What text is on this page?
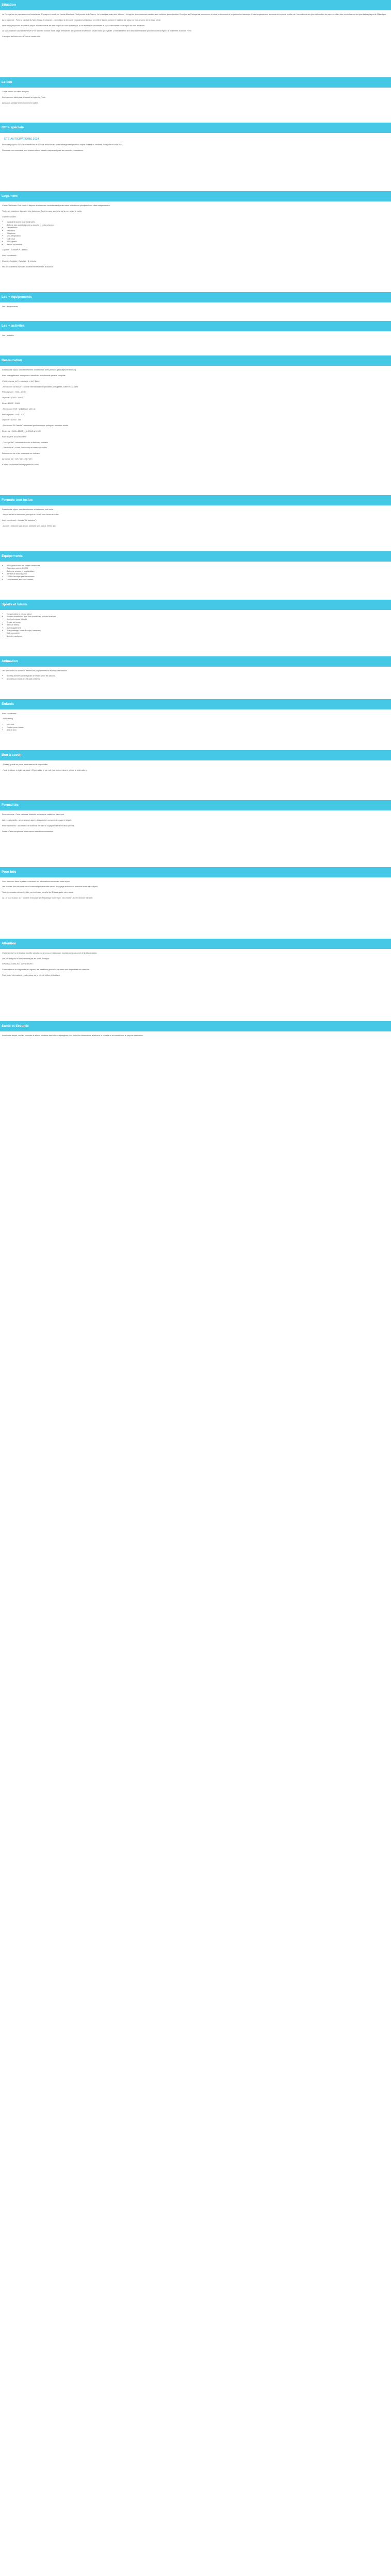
Situation

Le Portugal est un pays européen frontalier de l'Espagne et bordé par l'océan Atlantique. Tout proche de la France, il n'en est pas moins très différent ! Il s'agit de de nombreuses variétés sont cultivées que naturelles. Ce séjour au Portugal est commencer et vivre la découverte d'un patrimoine historique. En échangeant avec des amis de toujours, profiter de l'hospitalité et des plus belles villes du pays, et à faire des merveilles sur des plus belles plages de l'Atlantique.

Au programme : Porto la capitale du Nord, Braga, Guimaraes... Une région à découvrir en plusieurs étapes où se mêlent histoire, culture et tradition. Le séjour se fera au cœur de la Costa Verde.

Nous vous proposons de vivre un séjour à la découverte de cette région du nord du Portugal, à voir et vivre en choisissant le séjour découverte ou le séjour au bord de la mer.

La Maison Beach Club Hotel Resort 4* se situe en bordure d'une plage de sable fin à Esposende et offre une piscine ainsi qu'un jardin. L'hôtel bénéficie d'un emplacement idéal pour découvrir la région : à seulement 45 km de Porto.

L'aéroport de Porto est à 40 km du centre-ville.

Le lieu

Cadre naturel au milieu des pins.

Emplacement idéal pour découvrir la région de Porto.

Ambiance familiale et environnement calme.

Offre spéciale
ETE ANTICIPATIONS 2024

Réservez jusqu'au 31/3/24 et bénéficiez de 10% de réduction sur votre hébergement pour tout séjour du lundi au vendredi (hors juillet et août 2024).

Promotion non cumulable avec d'autres offres. Valable uniquement pour les nouvelles réservations.

Logement

L'hôtel Ofir Beach Club Hotel 4* dispose de chambres confortables réparties dans un bâtiment principal et des villas indépendantes.

Toutes les chambres disposent d'un balcon ou d'une terrasse avec vue sur la mer ou sur le jardin.

Chambre double :

• 1 grand lit double ou 2 lits simples
• Salle de bain avec baignoire ou douche et sèche-cheveux
• Climatisation
• Télévision
• Téléphone
• Mini-réfrigérateur
• Coffre-fort
• Wi-Fi gratuit
• Balcon ou terrasse

Capacité : 2 adultes + 1 enfant.

Avec supplément :

Chambre familiale : 2 adultes + 2 enfants.

NB : les chambres familiales doivent être réservées à l'avance.

Les + équipements

Les + équipements

Les + activités

Les + activités

Restauration

Durant votre séjour, vous bénéficierez de la formule demi-pension (petit-déjeuner et dîner).

Avec un supplément, vous pourrez bénéficier de la formule pension complète.

L'hôtel dispose de 2 restaurants et de 2 bars :

- Restaurant "Al Manah" : cuisine internationale et spécialités portugaises, buffet et à la carte.

Petit-déjeuner : 7h30 - 10h30

Déjeuner : 12h30 - 14h30

Dîner : 19h30 - 21h30

- Restaurant "Grill" : grillades en plein air.

Petit-déjeuner : 7h30 - 10h

Déjeuner : 12h30 - 15h

- Restaurant "El Gaboka" : restaurant gastronomique portugais, ouvert en soirée.

Dîner : de 19h45 à 21h00 et de 20h45 à 22h30

Pour un verre à tout moment :

- "Lounge Bar" : boissons chaudes et fraîches, cocktails.

- "Piscine Bar" : snack, sandwichs et boissons fraîches.

Boissons au bar et au restaurant non incluses.

Au lounge bar : 10h / 00h - 23h / 21h

A noter : les boissons sont payantes à l'hôtel.

Formule tout inclus

Durant votre séjour, vous bénéficierez de la formule tout inclus :

- Repas servis au restaurant principal de l'hôtel, sous forme de buffet.

Avec supplément : formule "All Inclusive" :

- Accueil : boissons sans alcool, cocktails, vins locaux, bières, jus.

Équipements
• Wi-Fi gratuit dans les parties communes
• Réception ouverte 24h/24
• Salles de réunion et amphithéâtre
• Service de blanchisserie
• L'hôtel n'accepte pas les animaux
• Les chambres sont non-fumeurs
Sports et loisirs
• Compris dans le prix du séjour
• Piscines extérieures dont une chauffée en période hivernale
• Jardin et espace détente
• Terrain de tennis
• Salle de fitness
• Avec supplément
• Spa (massage, soins du corps, hammam)
• Golf à proximité
• Activités nautiques
Animation

Des spectacles ou soirées à thème sont programmées en fonction des saisons.

• Soirées animées dans le jardin de l'hôtel, selon les saisons.
• Animations enfants en été (club enfants).
Enfants

Avec supplément :

- Baby-sitting

• Mini-club
• Piscine pour enfants
• Aire de jeux
Bon à savoir

- Parking gratuit sur place, sous réserve de disponibilité.

- Taxe de séjour à régler sur place : 2€ par adulte et par nuit (non incluse dans le prix de la réservation).

Formalités

Ressortissants : Carte nationale d'identité en cours de validité ou passeport.

Autres nationalités : se renseigner auprès des autorités compétentes avant le départ.

Pour les mineurs : autorisation de sortie de territoire si voyageant sans les deux parents.

Santé : Carte européenne d'assurance maladie recommandée.

Pour info

Vous trouverez dans le présent document les informations concernant votre séjour.

Les horaires des vols vous seront communiqués sur votre carnet de voyage environ une semaine avant votre départ.

Toute réclamation devra être faite par écrit dans un délai de 30 jours après votre retour.

La Loi n°2016-1321 du 7 octobre 2016 pour une République numérique, 'loi Lemaire' - sur les frais de transfert.

Attention

L'hôtel se réserve le droit de modifier certains horaires ou prestations en fonction de la saison et de la fréquentation.

Les prix indiqués ne comprennent pas les taxes de séjour.

INFORMATIONS AUX VOYAGEURS :

Conformément à la législation en vigueur, les conditions générales de vente sont disponibles sur notre site.

Pour plus d'informations, rendez-vous sur le site de l'office du tourisme.

Santé et Sécurité

Avant votre départ, veuillez consulter le site du Ministère des Affaires étrangères pour toutes les informations relatives à la sécurité et à la santé dans le pays de destination.
